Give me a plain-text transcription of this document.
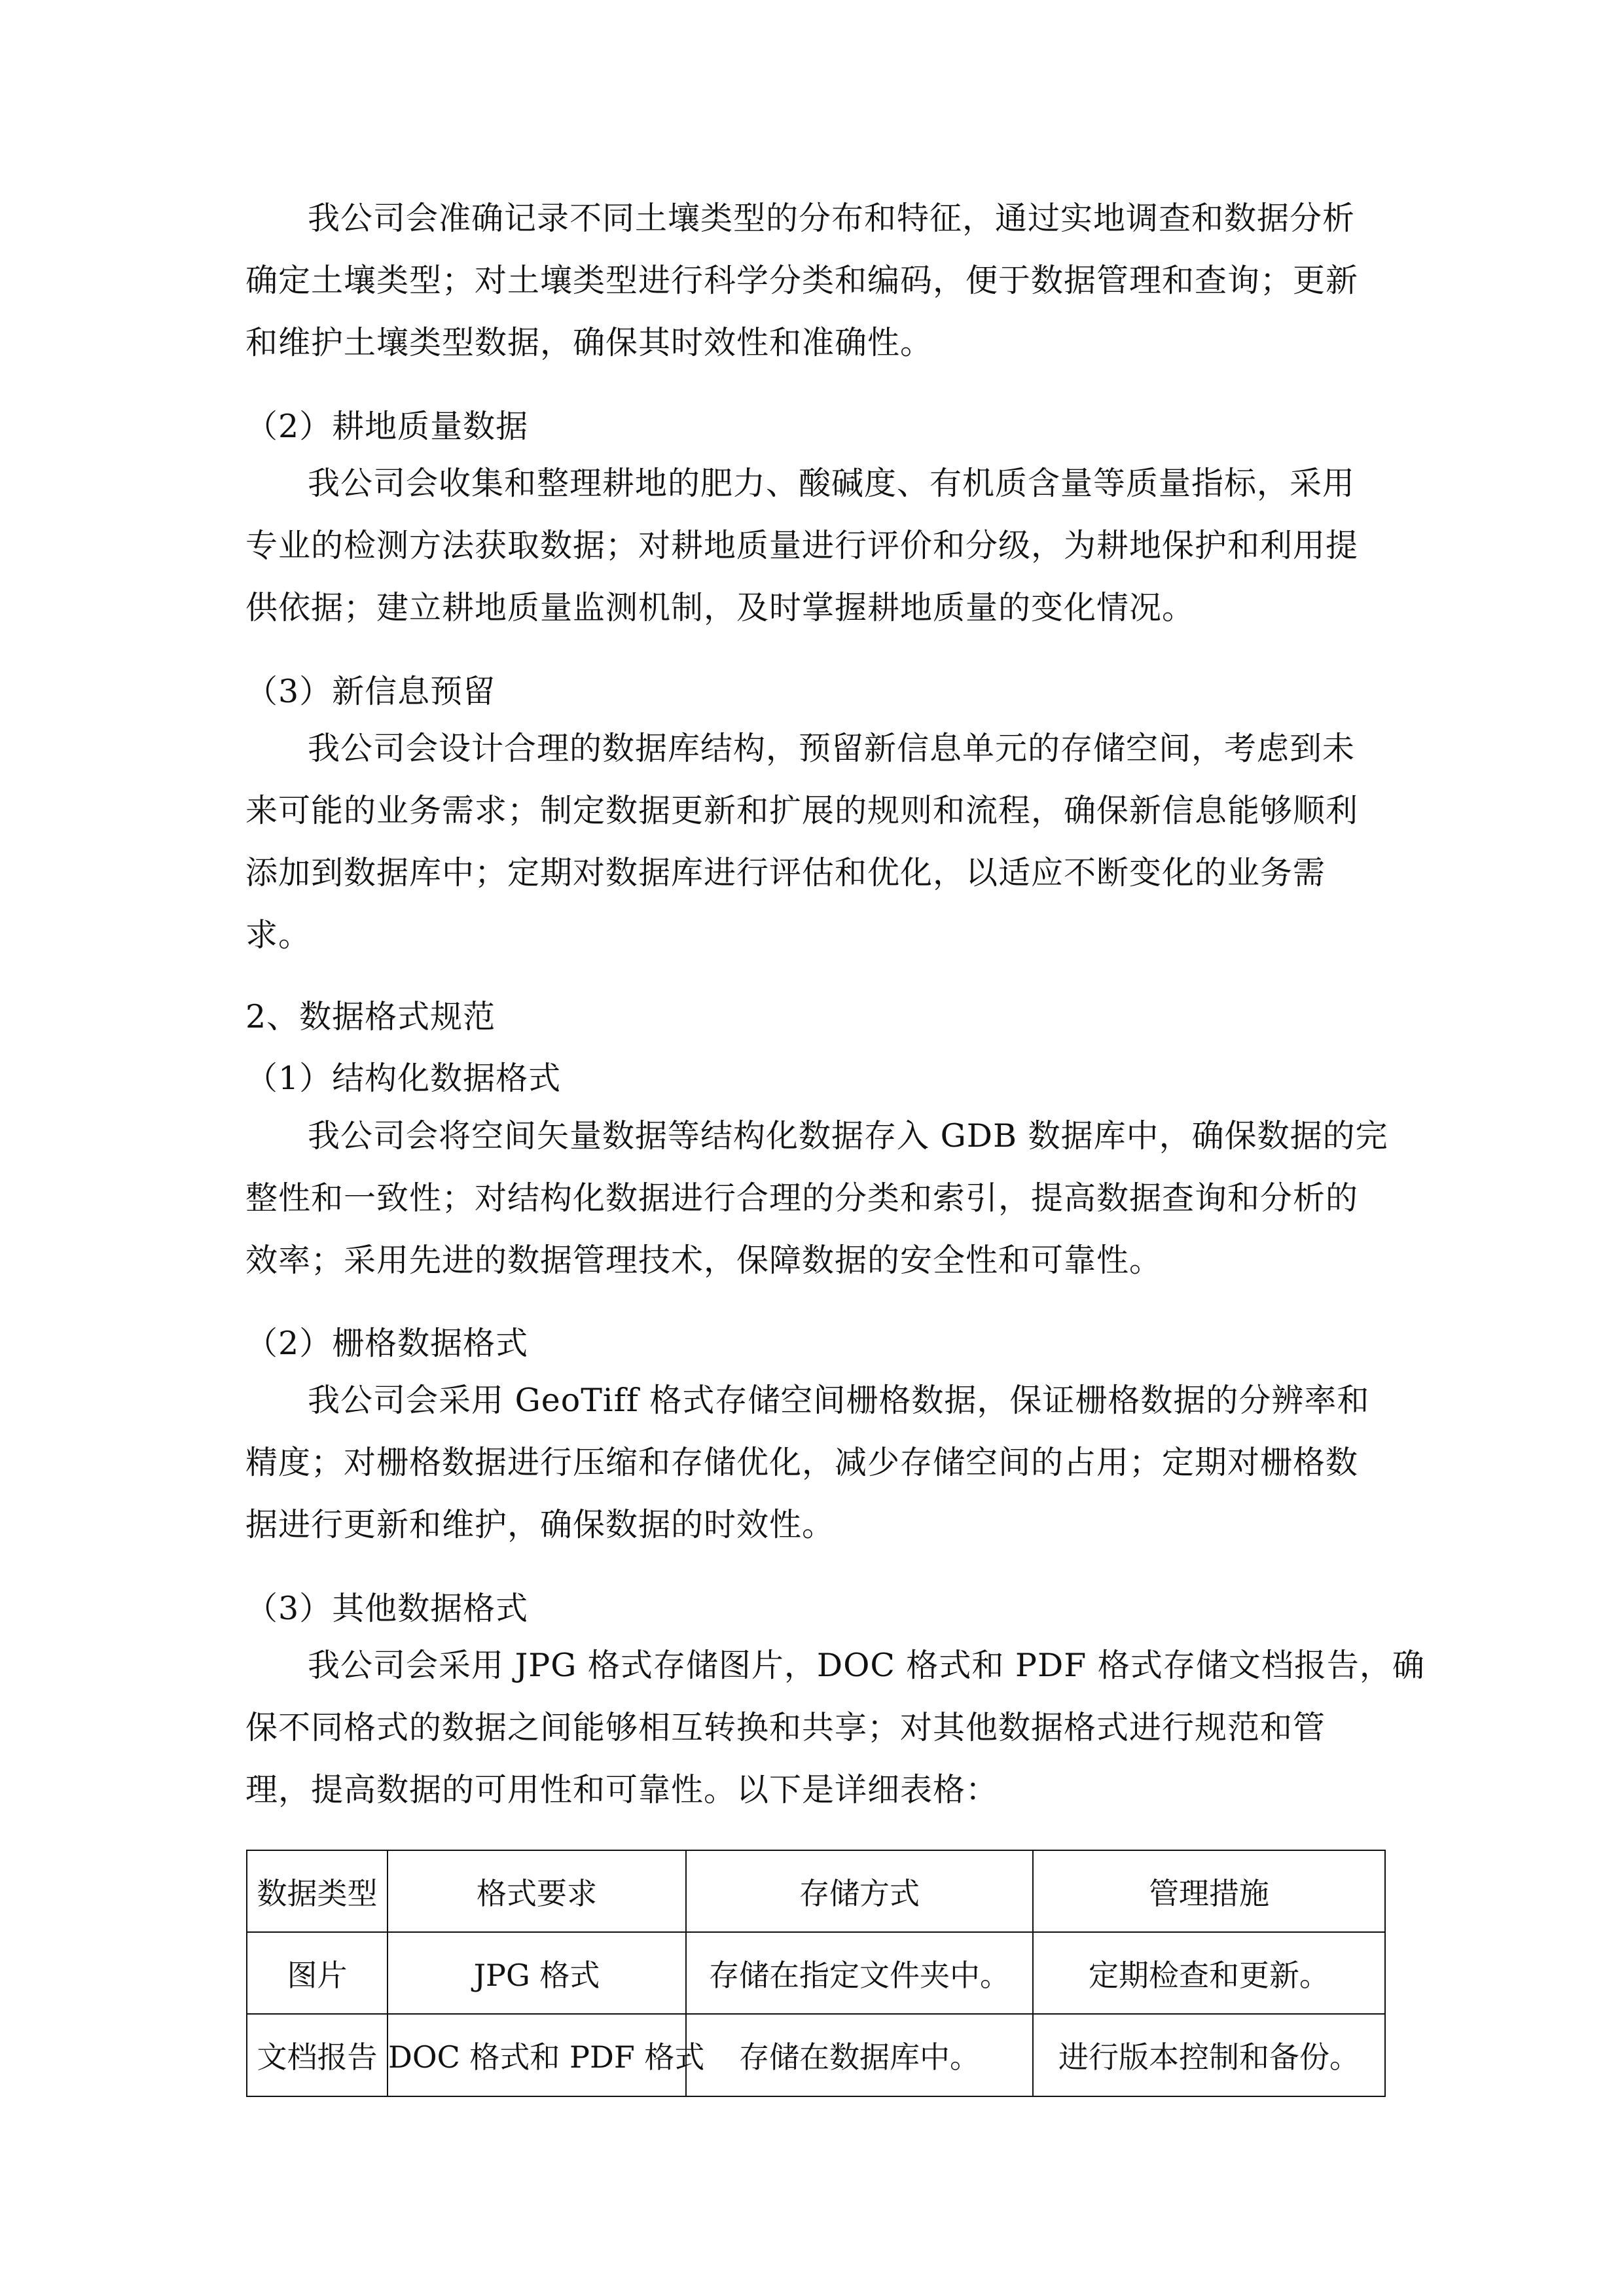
我公司会准确记录不同土壤类型的分布和特征，通过实地调查和数据分析
确定土壤类型；对土壤类型进行科学分类和编码，便于数据管理和查询；更新
和维护土壤类型数据，确保其时效性和准确性。
（2）耕地质量数据
我公司会收集和整理耕地的肥力、酸碱度、有机质含量等质量指标，采用
专业的检测方法获取数据；对耕地质量进行评价和分级，为耕地保护和利用提
供依据；建立耕地质量监测机制，及时掌握耕地质量的变化情况。
（3）新信息预留
我公司会设计合理的数据库结构，预留新信息单元的存储空间，考虑到未
来可能的业务需求；制定数据更新和扩展的规则和流程，确保新信息能够顺利
添加到数据库中；定期对数据库进行评估和优化，以适应不断变化的业务需
求。
2、数据格式规范
（1）结构化数据格式
我公司会将空间矢量数据等结构化数据存入 GDB 数据库中，确保数据的完
整性和一致性；对结构化数据进行合理的分类和索引，提高数据查询和分析的
效率；采用先进的数据管理技术，保障数据的安全性和可靠性。
（2）栅格数据格式
我公司会采用 GeoTiff 格式存储空间栅格数据，保证栅格数据的分辨率和
精度；对栅格数据进行压缩和存储优化，减少存储空间的占用；定期对栅格数
据进行更新和维护，确保数据的时效性。
（3）其他数据格式
我公司会采用 JPG 格式存储图片，DOC 格式和 PDF 格式存储文档报告，确
保不同格式的数据之间能够相互转换和共享；对其他数据格式进行规范和管
理，提高数据的可用性和可靠性。以下是详细表格：
数据类型	格式要求	存储方式	管理措施
图片	JPG 格式	存储在指定文件夹中。	定期检查和更新。
文档报告	DOC 格式和 PDF 格式	存储在数据库中。	进行版本控制和备份。
